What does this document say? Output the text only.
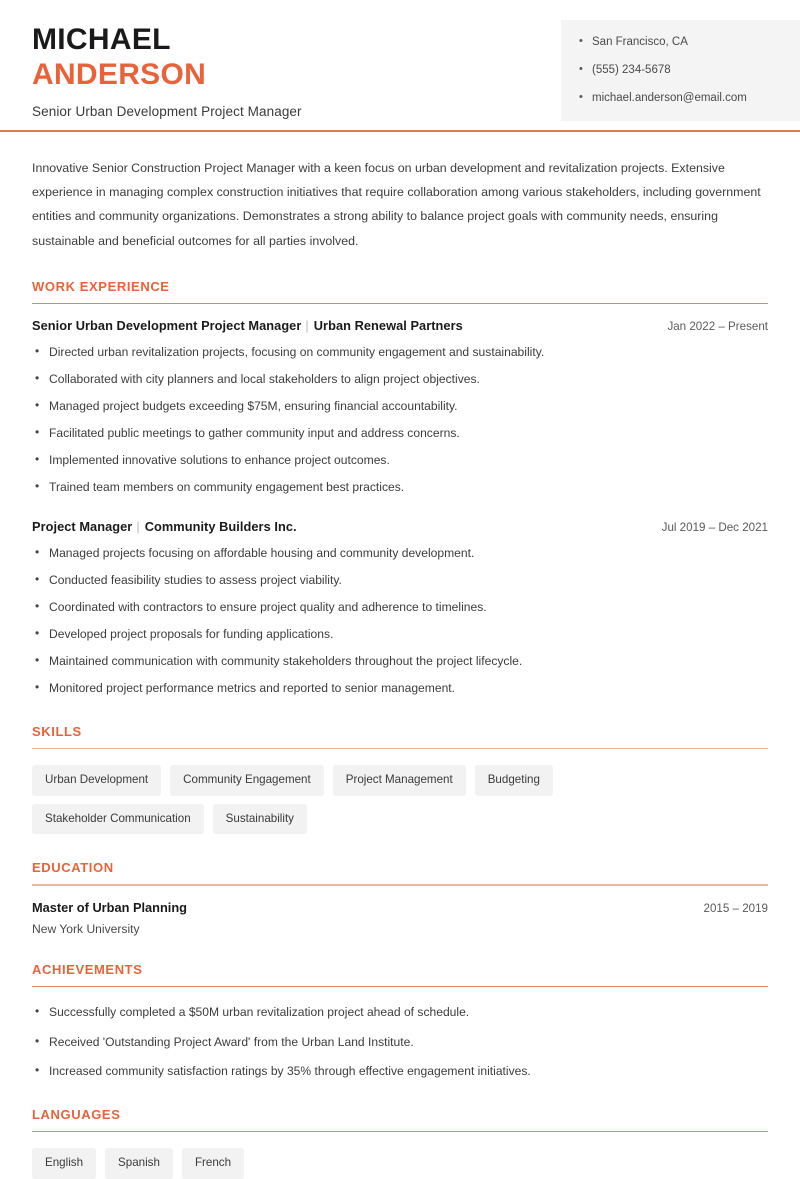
MICHAEL
ANDERSON
Senior Urban Development Project Manager
• San Francisco, CA
• (555) 234-5678
• michael.anderson@email.com

Innovative Senior Construction Project Manager with a keen focus on urban development and revitalization projects. Extensive experience in managing complex construction initiatives that require collaboration among various stakeholders, including government entities and community organizations. Demonstrates a strong ability to balance project goals with community needs, ensuring sustainable and beneficial outcomes for all parties involved.

WORK EXPERIENCE
Senior Urban Development Project Manager | Urban Renewal Partners	Jan 2022 – Present
• Directed urban revitalization projects, focusing on community engagement and sustainability.
• Collaborated with city planners and local stakeholders to align project objectives.
• Managed project budgets exceeding $75M, ensuring financial accountability.
• Facilitated public meetings to gather community input and address concerns.
• Implemented innovative solutions to enhance project outcomes.
• Trained team members on community engagement best practices.
Project Manager | Community Builders Inc.	Jul 2019 – Dec 2021
• Managed projects focusing on affordable housing and community development.
• Conducted feasibility studies to assess project viability.
• Coordinated with contractors to ensure project quality and adherence to timelines.
• Developed project proposals for funding applications.
• Maintained communication with community stakeholders throughout the project lifecycle.
• Monitored project performance metrics and reported to senior management.
SKILLS
Urban Development	Community Engagement	Project Management	Budgeting
Stakeholder Communication	Sustainability
EDUCATION
Master of Urban Planning	2015 – 2019
New York University
ACHIEVEMENTS
• Successfully completed a $50M urban revitalization project ahead of schedule.
• Received 'Outstanding Project Award' from the Urban Land Institute.
• Increased community satisfaction ratings by 35% through effective engagement initiatives.
LANGUAGES
English	Spanish	French
